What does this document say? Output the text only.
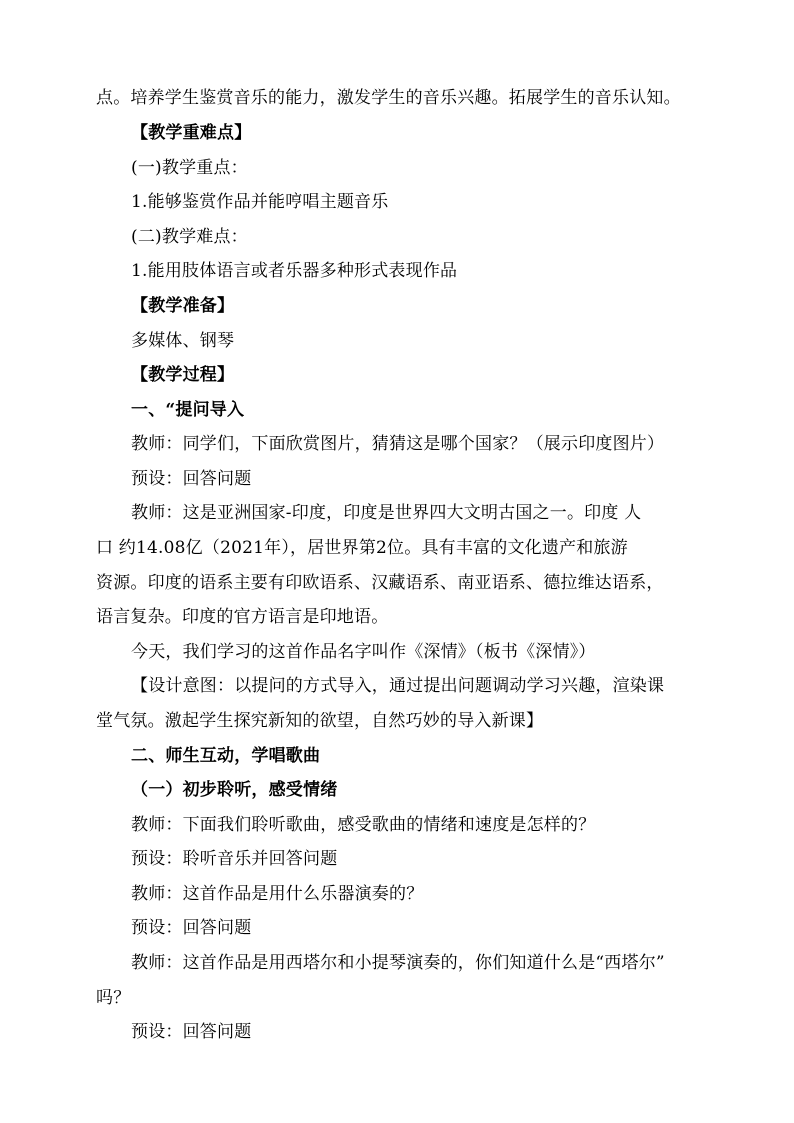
点。培养学生鉴赏音乐的能力，激发学生的音乐兴趣。拓展学生的音乐认知。
【教学重难点】
(一)教学重点：
1.能够鉴赏作品并能哼唱主题音乐
(二)教学难点：
1.能用肢体语言或者乐器多种形式表现作品
【教学准备】
多媒体、钢琴
【教学过程】
一、“提问导入
教师：同学们，下面欣赏图片，猜猜这是哪个国家？（展示印度图片）
预设：回答问题
教师：这是亚洲国家-印度，印度是世界四大文明古国之一。印度 人
口 约14.08亿（2021年），居世界第2位。具有丰富的文化遗产和旅游
资源。印度的语系主要有印欧语系、汉藏语系、南亚语系、德拉维达语系，
语言复杂。印度的官方语言是印地语。
今天，我们学习的这首作品名字叫作《深情》（板书《深情》）
【设计意图：以提问的方式导入，通过提出问题调动学习兴趣，渲染课
堂气氛。激起学生探究新知的欲望，自然巧妙的导入新课】
二、师生互动，学唱歌曲
（一）初步聆听，感受情绪
教师：下面我们聆听歌曲，感受歌曲的情绪和速度是怎样的？
预设：聆听音乐并回答问题
教师：这首作品是用什么乐器演奏的？
预设：回答问题
教师：这首作品是用西塔尔和小提琴演奏的，你们知道什么是“西塔尔”
吗？
预设：回答问题
